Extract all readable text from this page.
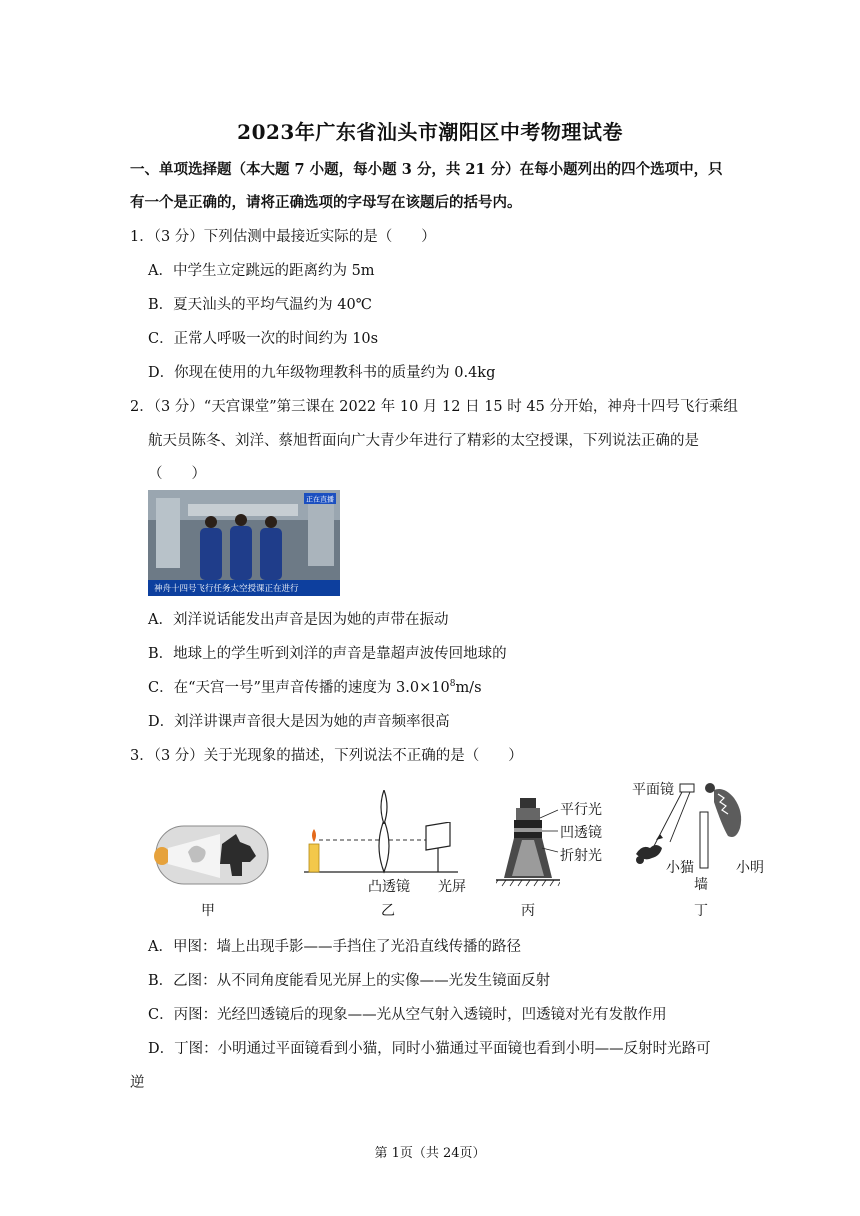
2023年广东省汕头市潮阳区中考物理试卷
一、单项选择题（本大题 7 小题，每小题 3 分，共 21 分）在每小题列出的四个选项中，只
有一个是正确的，请将正确选项的字母写在该题后的括号内。
1．（3 分）下列估测中最接近实际的是（　　）
A．中学生立定跳远的距离约为 5m
B．夏天汕头的平均气温约为 40℃
C．正常人呼吸一次的时间约为 10s
D．你现在使用的九年级物理教科书的质量约为 0.4kg
2．（3 分）“天宫课堂”第三课在 2022 年 10 月 12 日 15 时 45 分开始，神舟十四号飞行乘组
航天员陈冬、刘洋、蔡旭哲面向广大青少年进行了精彩的太空授课，下列说法正确的是
（　　）
神舟十四号飞行任务太空授课正在进行
正在直播
A．刘洋说话能发出声音是因为她的声带在振动
B．地球上的学生听到刘洋的声音是靠超声波传回地球的
C．在“天宫一号”里声音传播的速度为 $3.0\times 10^8m/s$
D．刘洋讲课声音很大是因为她的声音频率很高
3．（3 分）关于光现象的描述，下列说法不正确的是（　　）
甲
凸透镜 光屏
乙
平行光
凹透镜
折射光
丙
平面镜
小猫
墙
小明
丁
A．甲图：墙上出现手影——手挡住了光沿直线传播的路径
B．乙图：从不同角度能看见光屏上的实像——光发生镜面反射
C．丙图：光经凹透镜后的现象——光从空气射入透镜时，凹透镜对光有发散作用
D．丁图：小明通过平面镜看到小猫，同时小猫通过平面镜也看到小明——反射时光路可
逆
第 1页（共 24页）
